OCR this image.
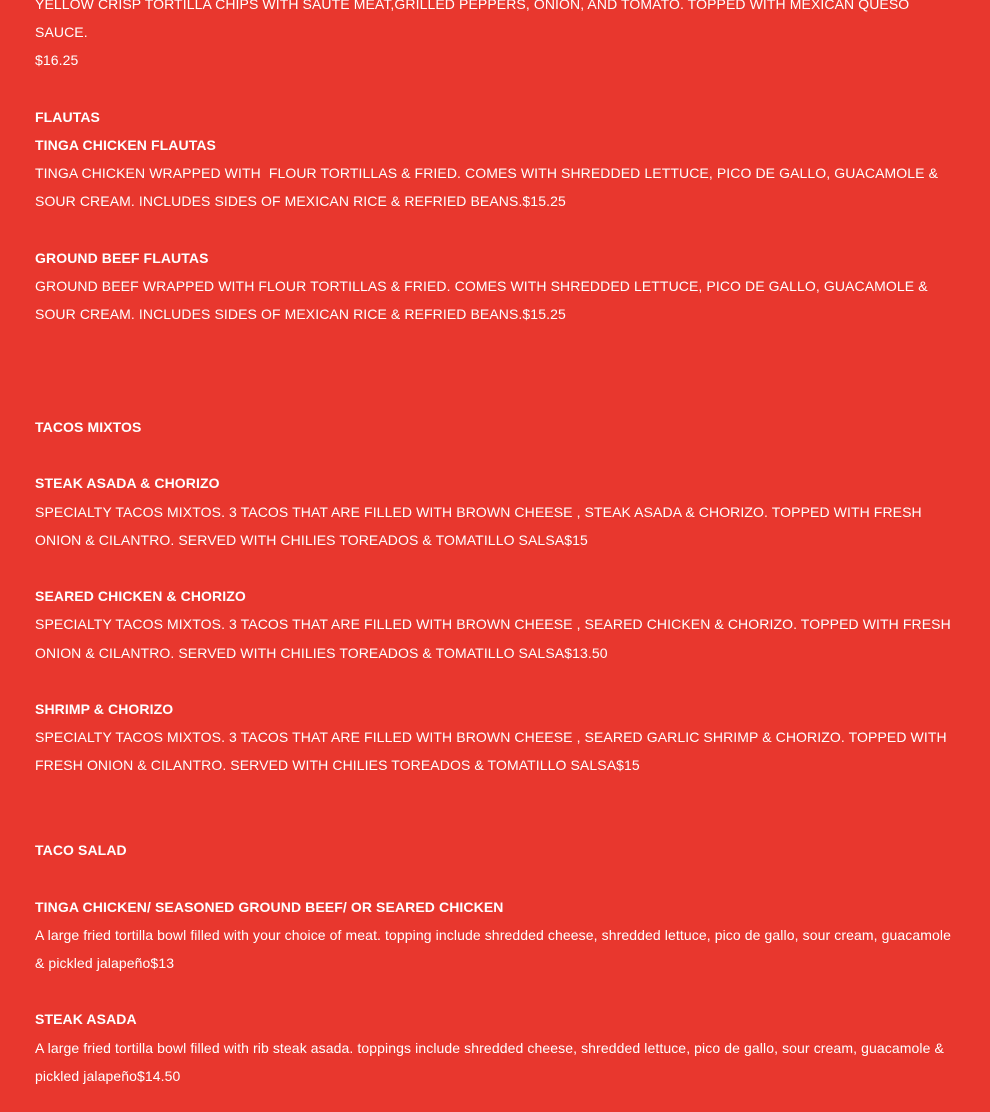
YELLOW CRISP TORTILLA CHIPS WITH SAUTE MEAT,GRILLED PEPPERS, ONION, AND TOMATO. TOPPED WITH MEXICAN QUESO SAUCE.
$16.25

FLAUTAS
TINGA CHICKEN FLAUTAS
TINGA CHICKEN WRAPPED WITH  FLOUR TORTILLAS & FRIED. COMES WITH SHREDDED LETTUCE, PICO DE GALLO, GUACAMOLE & SOUR CREAM. INCLUDES SIDES OF MEXICAN RICE & REFRIED BEANS.$15.25

GROUND BEEF FLAUTAS
GROUND BEEF WRAPPED WITH FLOUR TORTILLAS & FRIED. COMES WITH SHREDDED LETTUCE, PICO DE GALLO, GUACAMOLE & SOUR CREAM. INCLUDES SIDES OF MEXICAN RICE & REFRIED BEANS.$15.25

TACOS MIXTOS

STEAK ASADA & CHORIZO
SPECIALTY TACOS MIXTOS. 3 TACOS THAT ARE FILLED WITH BROWN CHEESE , STEAK ASADA & CHORIZO. TOPPED WITH FRESH ONION & CILANTRO. SERVED WITH CHILIES TOREADOS & TOMATILLO SALSA$15

SEARED CHICKEN & CHORIZO
SPECIALTY TACOS MIXTOS. 3 TACOS THAT ARE FILLED WITH BROWN CHEESE , SEARED CHICKEN & CHORIZO. TOPPED WITH FRESH ONION & CILANTRO. SERVED WITH CHILIES TOREADOS & TOMATILLO SALSA$13.50

SHRIMP & CHORIZO
SPECIALTY TACOS MIXTOS. 3 TACOS THAT ARE FILLED WITH BROWN CHEESE , SEARED GARLIC SHRIMP & CHORIZO. TOPPED WITH FRESH ONION & CILANTRO. SERVED WITH CHILIES TOREADOS & TOMATILLO SALSA$15

TACO SALAD

TINGA CHICKEN/ SEASONED GROUND BEEF/ OR SEARED CHICKEN
A large fried tortilla bowl filled with your choice of meat. topping include shredded cheese, shredded lettuce, pico de gallo, sour cream, guacamole & pickled jalapeño$13

STEAK ASADA
A large fried tortilla bowl filled with rib steak asada. toppings include shredded cheese, shredded lettuce, pico de gallo, sour cream, guacamole & pickled jalapeño$14.50
